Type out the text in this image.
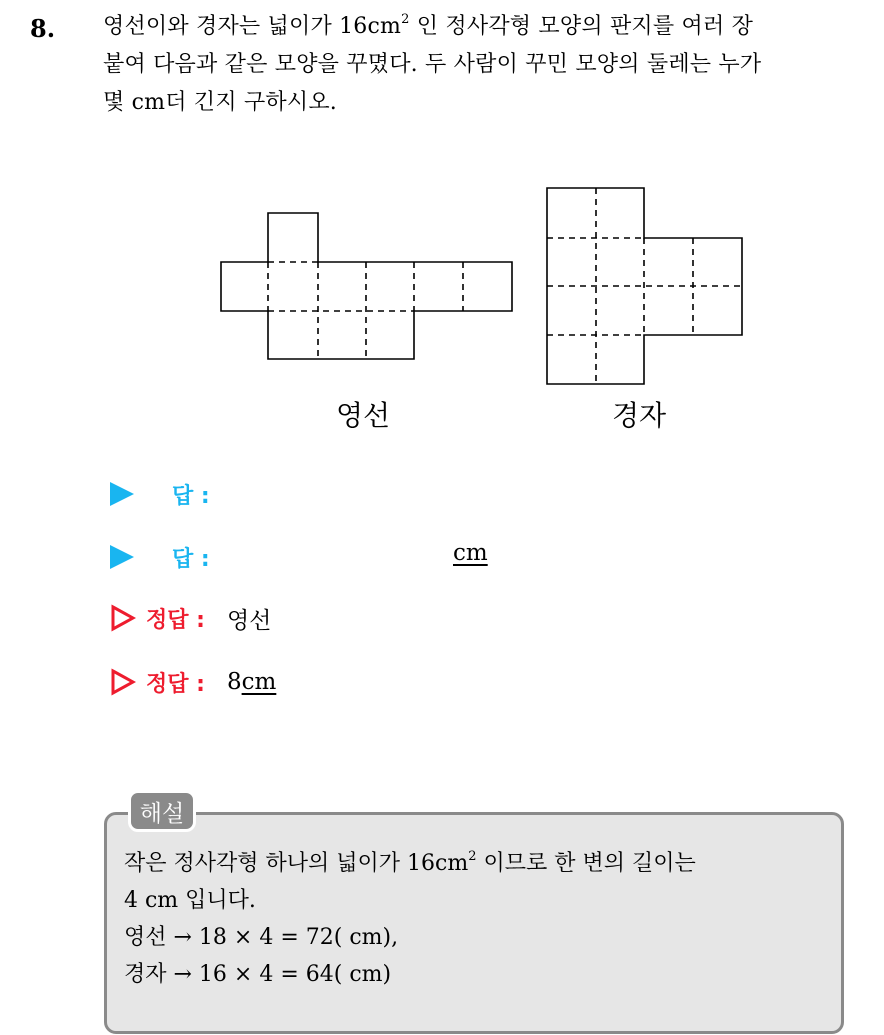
8. 영선이와 경자는 넓이가 $16cm^2$ 인 정사각형 모양의 판지를 여러 장
붙여 다음과 같은 모양을 꾸몄다. 두 사람이 꾸민 모양의 둘레는 누가
몇 cm더 긴지 구하시오.
영선	경자
답 :
답 :	cm
정답 : 영선
정답 : 8cm
해설
작은 정사각형 하나의 넓이가 $16cm^2$ 이므로 한 변의 길이는
4 cm 입니다.
영선 → 18 × 4 = 72( cm),
경자 → 16 × 4 = 64( cm)
